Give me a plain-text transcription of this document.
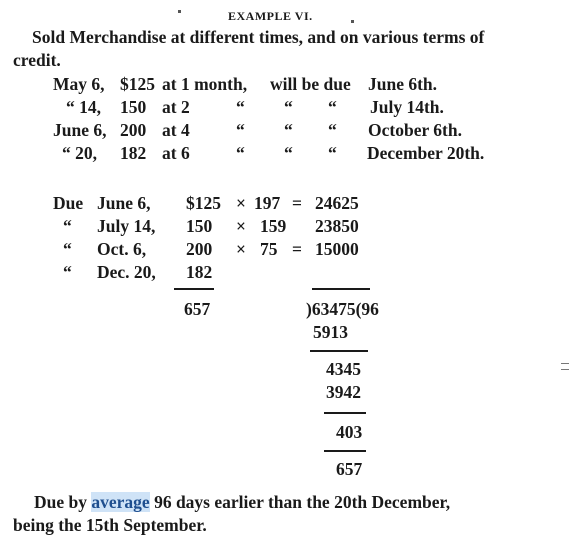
EXAMPLE VI.
Sold Merchandise at different times, and on various terms of
credit.
May 6, $125 at 1 month, will be due June 6th.
“ 14, 150 at 2	“ “ “ July 14th.
June 6, 200 at 4	“ “ “ October 6th.
“ 20, 182 at 6	“ “ “ December 20th.
Due June 6, $125 × 197 = 24625
“ July 14, 150 × 159 23850
“ Oct. 6, 200 × 75 = 15000
“ Dec. 20, 182
657	)63475(96
5913
4345
3942
403
657
Due by average 96 days earlier than the 20th December,
being the 15th September.
